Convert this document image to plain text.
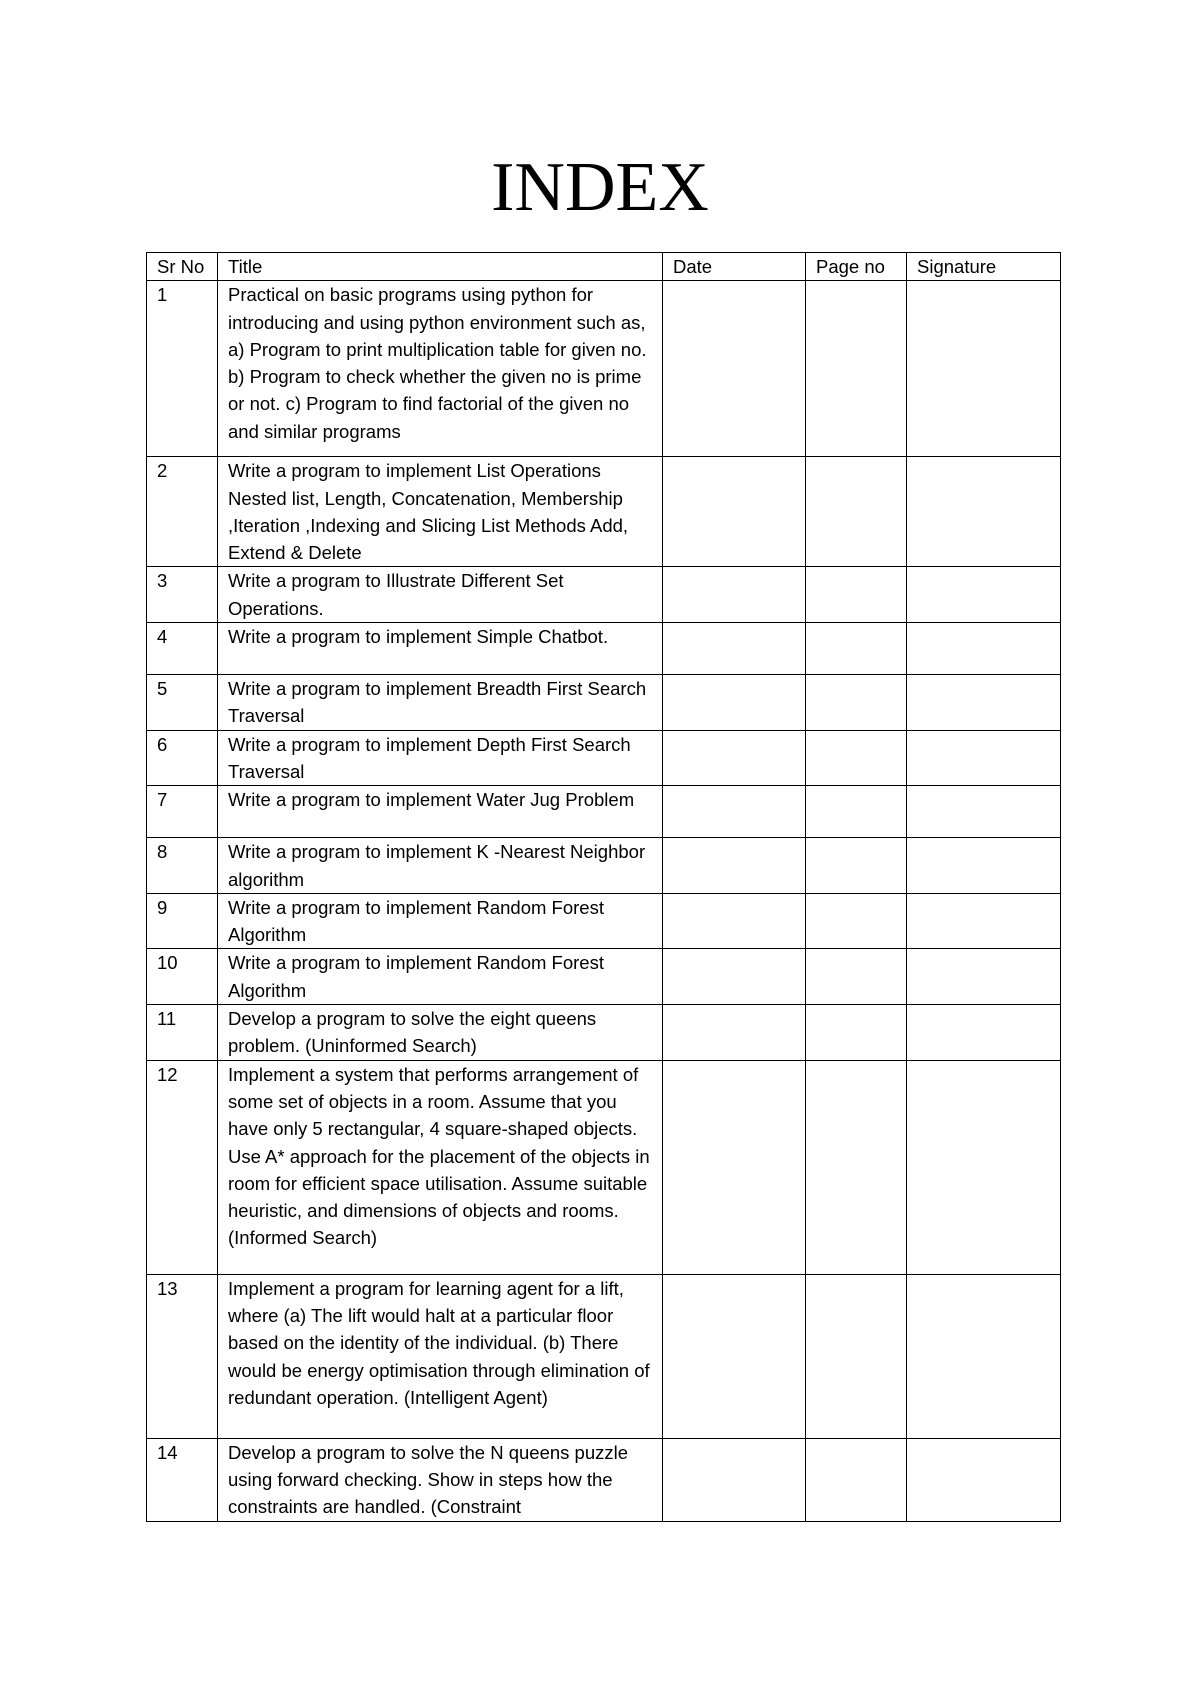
INDEX
Sr No	Title	Date	Page no	Signature
1	Practical on basic programs using python for introducing and using python environment such as, a) Program to print multiplication table for given no. b) Program to check whether the given no is prime or not. c) Program to find factorial of the given no and similar programs			
2	Write a program to implement List Operations Nested list, Length, Concatenation, Membership ,Iteration ,Indexing and Slicing List Methods Add, Extend & Delete			
3	Write a program to Illustrate Different Set Operations.			
4	Write a program to implement Simple Chatbot.			
5	Write a program to implement Breadth First Search Traversal			
6	Write a program to implement Depth First Search Traversal			
7	Write a program to implement Water Jug Problem			
8	Write a program to implement K -Nearest Neighbor algorithm			
9	Write a program to implement Random Forest Algorithm			
10	Write a program to implement Random Forest Algorithm			
11	Develop a program to solve the eight queens problem. (Uninformed Search)			
12	Implement a system that performs arrangement of some set of objects in a room. Assume that you have only 5 rectangular, 4 square-shaped objects. Use A* approach for the placement of the objects in room for efficient space utilisation. Assume suitable heuristic, and dimensions of objects and rooms. (Informed Search)			
13	Implement a program for learning agent for a lift, where (a) The lift would halt at a particular floor based on the identity of the individual. (b) There would be energy optimisation through elimination of redundant operation. (Intelligent Agent)			
14	Develop a program to solve the N queens puzzle using forward checking. Show in steps how the constraints are handled. (Constraint			
